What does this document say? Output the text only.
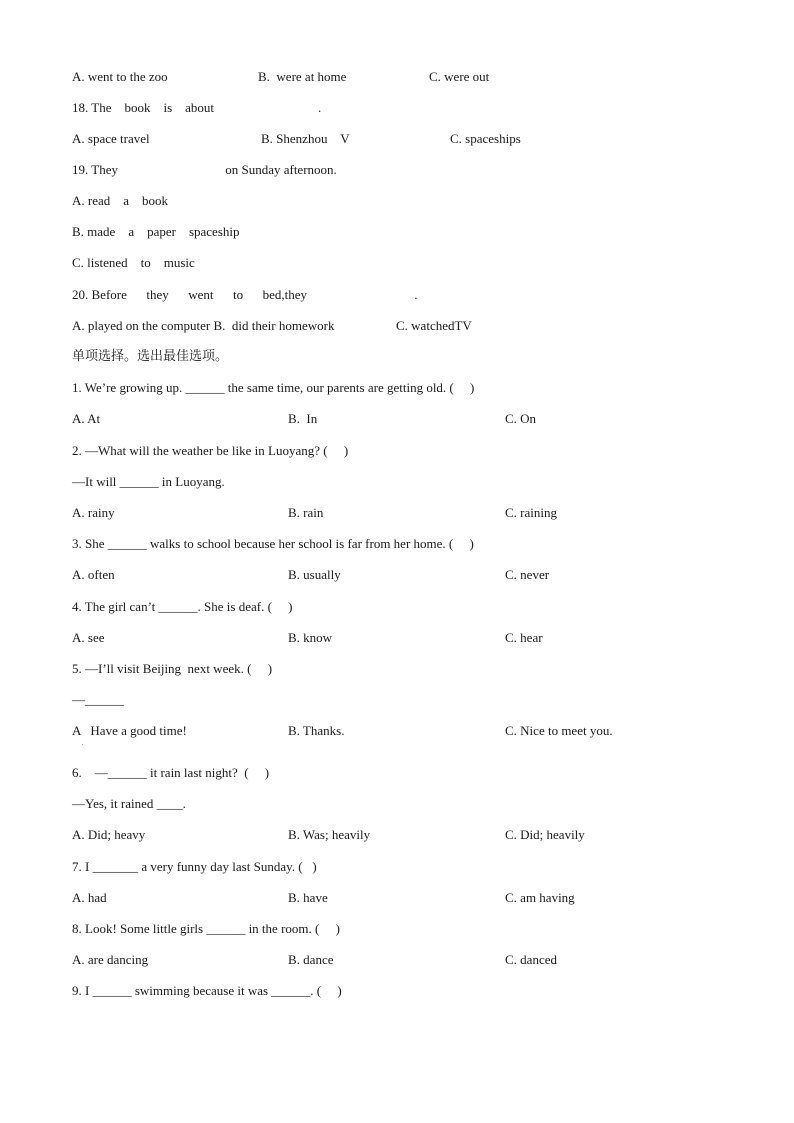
A. went to the zoo	B.  were at home	C. were out
18. The    book    is    about                                .
A. space travel	B. Shenzhou    V	C. spaceships
19. They                                 on Sunday afternoon.
A. read    a    book
B. made    a    paper    spaceship
C. listened    to    music
20. Before      they      went      to      bed,they                                 .
A. played on the computer B.  did their homework	C. watchedTV
单项选择。选出最佳选项。
1. We’re growing up. ______ the same time, our parents are getting old. (     )
A. At	B.  In	C. On
2. —What will the weather be like in Luoyang? (     )
—It will ______ in Luoyang.
A. rainy	B. rain	C. raining
3. She ______ walks to school because her school is far from her home. (     )
A. often	B. usually	C. never
4. The girl can’t ______. She is deaf. (     )
A. see	B. know	C. hear
5. —I’ll visit Beijing  next week. (     )
—______
A   Have a good time!	B. Thanks.	C. Nice to meet you.
6.    —______ it rain last night?  (     )
—Yes, it rained ____.
A. Did; heavy	B. Was; heavily	C. Did; heavily
7. I _______ a very funny day last Sunday. (   )
A. had	B. have	C. am having
8. Look! Some little girls ______ in the room. (     )
A. are dancing	B. dance	C. danced
9. I ______ swimming because it was ______. (     )
.
